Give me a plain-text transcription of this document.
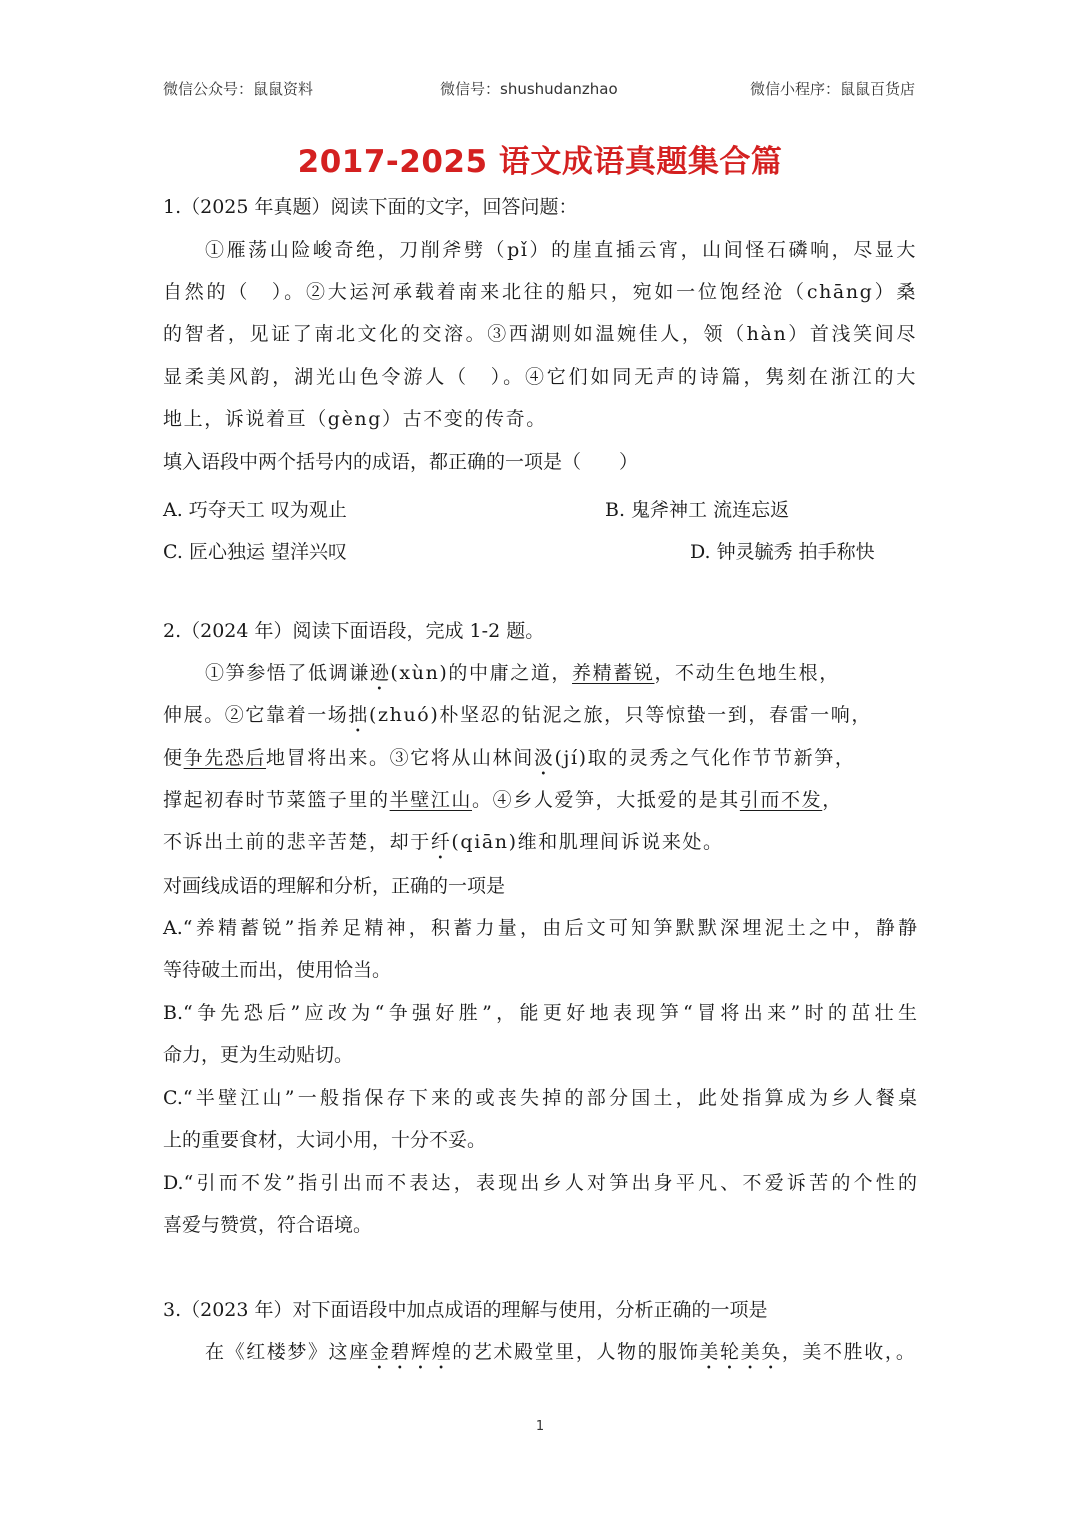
微信公众号：鼠鼠资料	微信号：shushudanzhao	微信小程序：鼠鼠百货店
2017-2025 语文成语真题集合篇
1.（2025 年真题）阅读下面的文字，回答问题：
①雁荡山险峻奇绝，刀削斧劈（pǐ）的崖直插云宵，山间怪石磷响，尽显大
自然的（　）。②大运河承载着南来北往的船只，宛如一位饱经沧（chāng）桑
的智者，见证了南北文化的交溶。③西湖则如温婉佳人，领（hàn）首浅笑间尽
显柔美风韵，湖光山色令游人（　）。④它们如同无声的诗篇，隽刻在浙江的大
地上，诉说着亘（gèng）古不变的传奇。
填入语段中两个括号内的成语，都正确的一项是（　　）
A. 巧夺天工 叹为观止	B. 鬼斧神工 流连忘返
C. 匠心独运 望洋兴叹	D. 钟灵毓秀 拍手称快
2.（2024 年）阅读下面语段，完成 1-2 题。
①笋参悟了低调谦逊(xùn)的中庸之道，养精蓄锐，不动生色地生根，
伸展。②它靠着一场拙(zhuó)朴坚忍的钻泥之旅，只等惊蛰一到，春雷一响，
便争先恐后地冒将出来。③它将从山林间汲(jí)取的灵秀之气化作节节新笋，
撑起初春时节菜篮子里的半壁江山。④乡人爱笋，大抵爱的是其引而不发，
不诉出土前的悲辛苦楚，却于纤(qiān)维和肌理间诉说来处。
对画线成语的理解和分析，正确的一项是
A.“养精蓄锐”指养足精神，积蓄力量，由后文可知笋默默深埋泥土之中，静静
等待破土而出，使用恰当。
B.“争先恐后”应改为“争强好胜”，能更好地表现笋“冒将出来”时的茁壮生
命力，更为生动贴切。
C.“半壁江山”一般指保存下来的或丧失掉的部分国土，此处指算成为乡人餐桌
上的重要食材，大词小用，十分不妥。
D.“引而不发”指引出而不表达，表现出乡人对笋出身平凡、不爱诉苦的个性的
喜爱与赞赏，符合语境。
3.（2023 年）对下面语段中加点成语的理解与使用，分析正确的一项是
在《红楼梦》这座金碧辉煌的艺术殿堂里，人物的服饰美轮美奂，美不胜收，。
1
